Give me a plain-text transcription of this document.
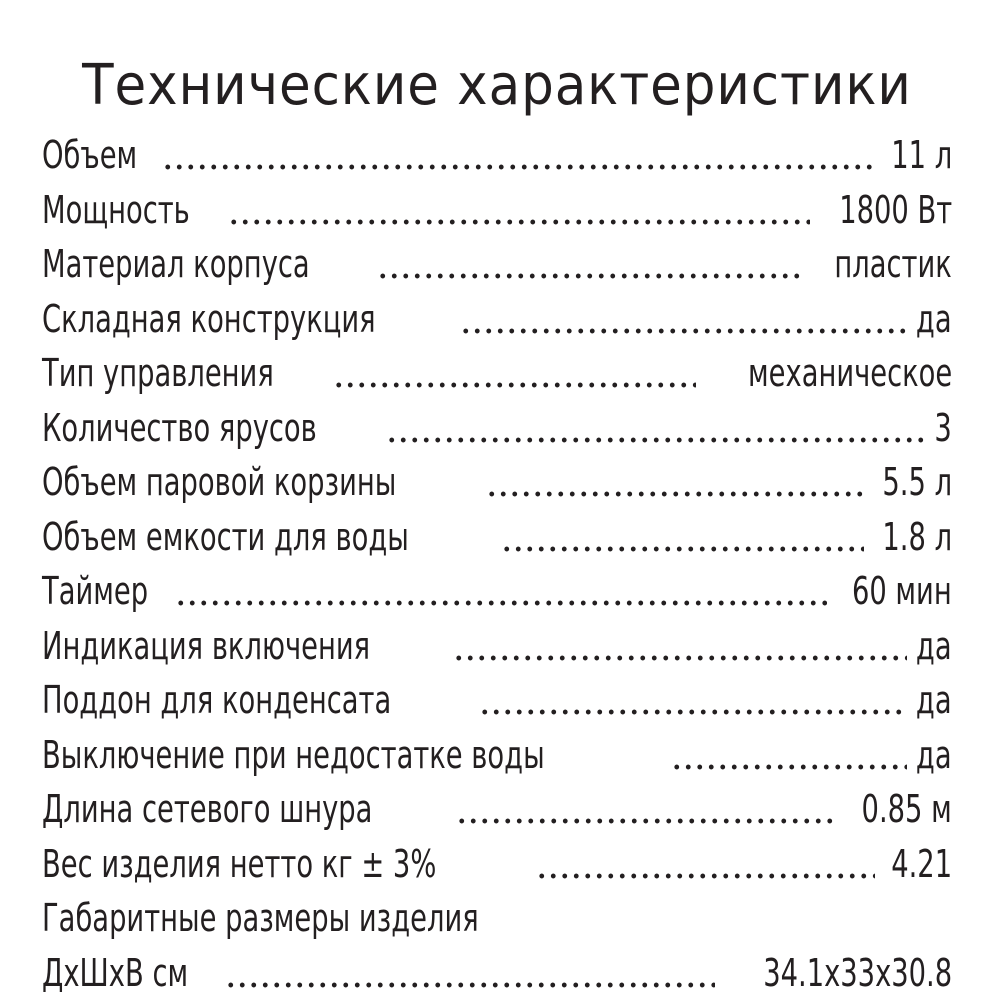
Технические характеристики
Объем	11 л
Мощность	1800 Вт
Материал корпуса	пластик
Складная конструкция	да
Тип управления	механическое
Количество ярусов	3
Объем паровой корзины	5.5 л
Объем емкости для воды	1.8 л
Таймер	60 мин
Индикация включения	да
Поддон для конденсата	да
Выключение при недостатке воды	да
Длина сетевого шнура	0.85 м
Вес изделия нетто кг ± 3%	4.21
Габаритные размеры изделия
ДхШхВ см	34.1х33х30.8
